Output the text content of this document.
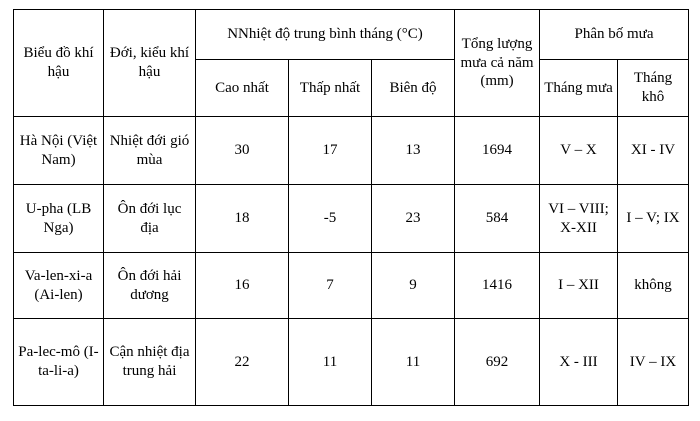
Biểu đồ khí hậu	Đới, kiểu khí hậu	NNhiệt độ trung bình tháng (°C)			Tổng lượng mưa cả năm (mm)	Phân bố mưa	
		Cao nhất	Thấp nhất	Biên độ		Tháng mưa	Tháng khô
Hà Nội (Việt Nam)	Nhiệt đới gió mùa	30	17	13	1694	V – X	XI - IV
U-pha (LB Nga)	Ôn đới lục địa	18	-5	23	584	VI – VIII; X-XII	I – V; IX
Va-len-xi-a (Ai-len)	Ôn đới hải dương	16	7	9	1416	I – XII	không
Pa-lec-mô (I-ta-li-a)	Cận nhiệt địa trung hải	22	11	11	692	X - III	IV – IX
